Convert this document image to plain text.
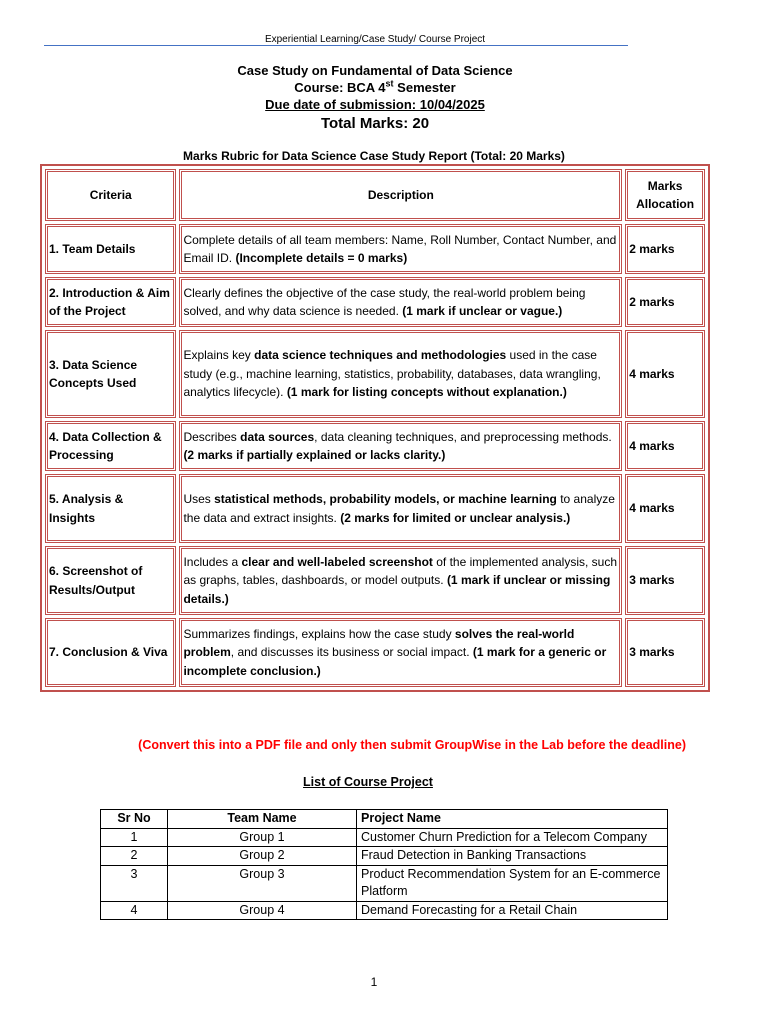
Experiential Learning/Case Study/ Course Project
Case Study on Fundamental of Data Science
Course: BCA 4st Semester
Due date of submission: 10/04/2025
Total Marks: 20
Marks Rubric for Data Science Case Study Report (Total: 20 Marks)
Criteria	Description	Marks Allocation
1. Team Details	Complete details of all team members: Name, Roll Number, Contact Number, and Email ID. (Incomplete details = 0 marks)	2 marks
2. Introduction & Aim of the Project	Clearly defines the objective of the case study, the real-world problem being solved, and why data science is needed. (1 mark if unclear or vague.)	2 marks
3. Data Science Concepts Used	Explains key data science techniques and methodologies used in the case study (e.g., machine learning, statistics, probability, databases, data wrangling, analytics lifecycle). (1 mark for listing concepts without explanation.)	4 marks
4. Data Collection & Processing	Describes data sources, data cleaning techniques, and preprocessing methods. (2 marks if partially explained or lacks clarity.)	4 marks
5. Analysis & Insights	Uses statistical methods, probability models, or machine learning to analyze the data and extract insights. (2 marks for limited or unclear analysis.)	4 marks
6. Screenshot of Results/Output	Includes a clear and well-labeled screenshot of the implemented analysis, such as graphs, tables, dashboards, or model outputs. (1 mark if unclear or missing details.)	3 marks
7. Conclusion & Viva	Summarizes findings, explains how the case study solves the real-world problem, and discusses its business or social impact. (1 mark for a generic or incomplete conclusion.)	3 marks
(Convert this into a PDF file and only then submit GroupWise in the Lab before the deadline)
List of Course Project
Sr No	Team Name	Project Name
1	Group 1	Customer Churn Prediction for a Telecom Company
2	Group 2	Fraud Detection in Banking Transactions
3	Group 3	Product Recommendation System for an E-commerce Platform
4	Group 4	Demand Forecasting for a Retail Chain
1
